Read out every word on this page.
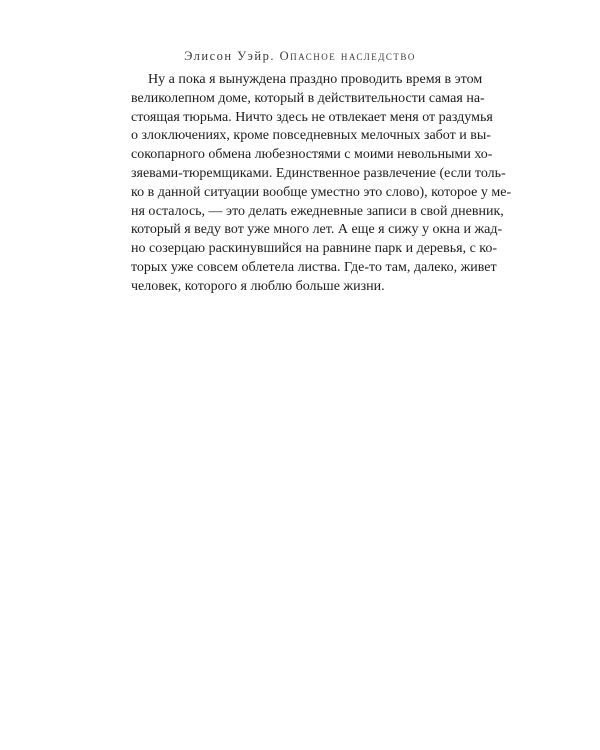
Элисон Уэйр. Опасное наследство
Ну а пока я вынуждена праздно проводить время в этом
великолепном доме, который в действительности самая на-
стоящая тюрьма. Ничто здесь не отвлекает меня от раздумья
о злоключениях, кроме повседневных мелочных забот и вы-
сокопарного обмена любезностями с моими невольными хо-
зяевами-тюремщиками. Единственное развлечение (если толь-
ко в данной ситуации вообще уместно это слово), которое у ме-
ня осталось, — это делать ежедневные записи в свой дневник,
который я веду вот уже много лет. А еще я сижу у окна и жад-
но созерцаю раскинувшийся на равнине парк и деревья, с ко-
торых уже совсем облетела листва. Где-то там, далеко, живет
человек, которого я люблю больше жизни.
